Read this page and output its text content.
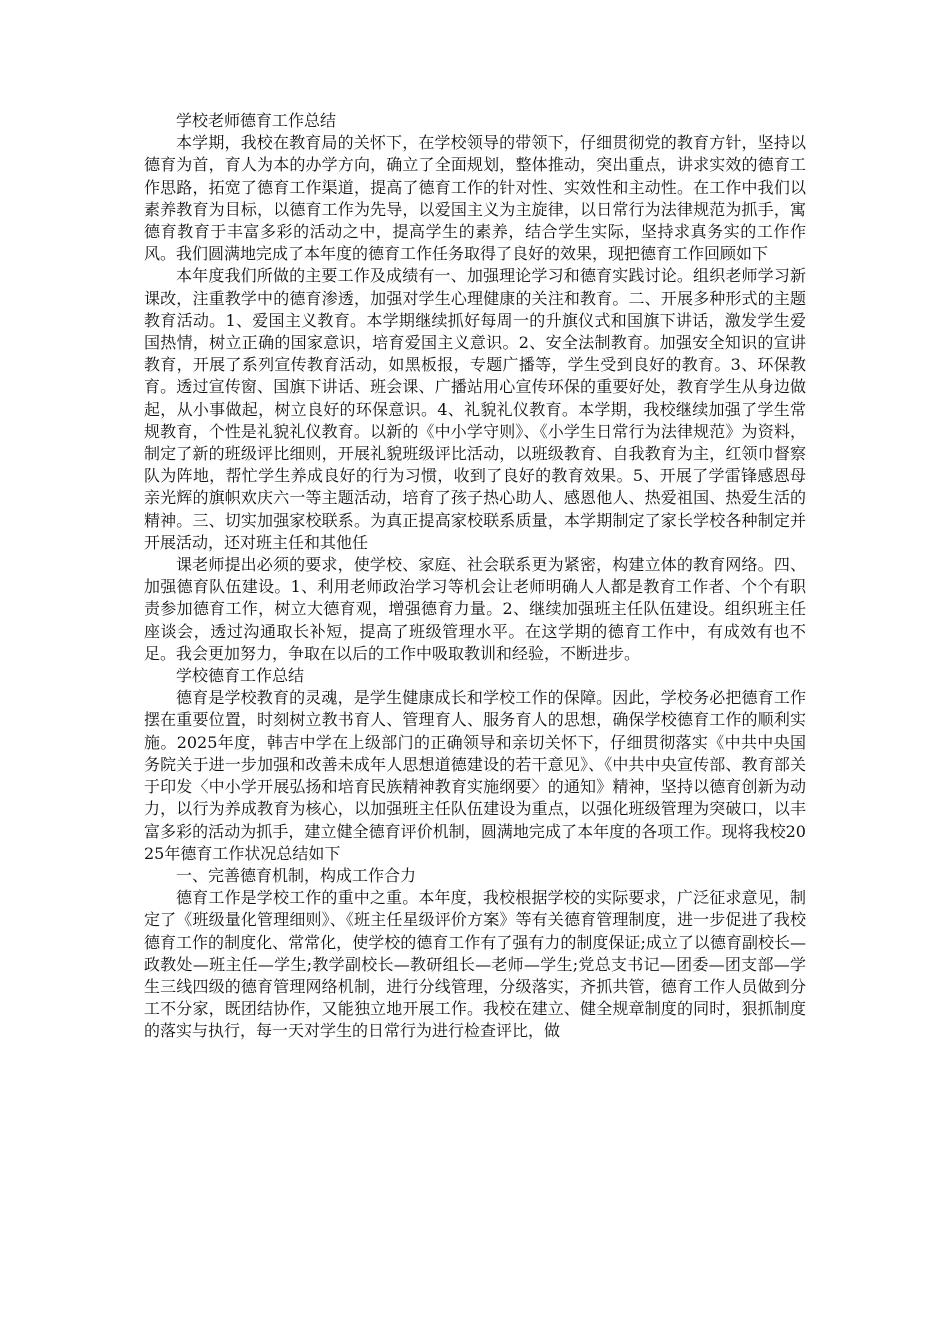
学校老师德育工作总结

本学期，我校在教育局的关怀下，在学校领导的带领下，仔细贯彻党的教育方针，坚持以德育为首，育人为本的办学方向，确立了全面规划，整体推动，突出重点，讲求实效的德育工作思路，拓宽了德育工作渠道，提高了德育工作的针对性、实效性和主动性。在工作中我们以素养教育为目标，以德育工作为先导，以爱国主义为主旋律，以日常行为法律规范为抓手，寓德育教育于丰富多彩的活动之中，提高学生的素养，结合学生实际，坚持求真务实的工作作风。我们圆满地完成了本年度的德育工作任务取得了良好的效果，现把德育工作回顾如下

本年度我们所做的主要工作及成绩有一、加强理论学习和德育实践讨论。组织老师学习新课改，注重教学中的德育渗透，加强对学生心理健康的关注和教育。二、开展多种形式的主题教育活动。1、爱国主义教育。本学期继续抓好每周一的升旗仪式和国旗下讲话，激发学生爱国热情，树立正确的国家意识，培育爱国主义意识。2、安全法制教育。加强安全知识的宣讲教育，开展了系列宣传教育活动，如黑板报，专题广播等，学生受到良好的教育。3、环保教育。透过宣传窗、国旗下讲话、班会课、广播站用心宣传环保的重要好处，教育学生从身边做起，从小事做起，树立良好的环保意识。4、礼貌礼仪教育。本学期，我校继续加强了学生常规教育，个性是礼貌礼仪教育。以新的《中小学守则》、《小学生日常行为法律规范》为资料，制定了新的班级评比细则，开展礼貌班级评比活动，以班级教育、自我教育为主，红领巾督察队为阵地，帮忙学生养成良好的行为习惯，收到了良好的教育效果。5、开展了学雷锋感恩母亲光辉的旗帜欢庆六一等主题活动，培育了孩子热心助人、感恩他人、热爱祖国、热爱生活的精神。三、切实加强家校联系。为真正提高家校联系质量，本学期制定了家长学校各种制定并开展活动，还对班主任和其他任

课老师提出必须的要求，使学校、家庭、社会联系更为紧密，构建立体的教育网络。四、加强德育队伍建设。1、利用老师政治学习等机会让老师明确人人都是教育工作者、个个有职责参加德育工作，树立大德育观，增强德育力量。2、继续加强班主任队伍建设。组织班主任座谈会，透过沟通取长补短，提高了班级管理水平。在这学期的德育工作中，有成效有也不足。我会更加努力，争取在以后的工作中吸取教训和经验，不断进步。

学校德育工作总结

德育是学校教育的灵魂，是学生健康成长和学校工作的保障。因此，学校务必把德育工作摆在重要位置，时刻树立教书育人、管理育人、服务育人的思想，确保学校德育工作的顺利实施。2025年度，韩吉中学在上级部门的正确领导和亲切关怀下，仔细贯彻落实《中共中央国务院关于进一步加强和改善未成年人思想道德建设的若干意见》、《中共中央宣传部、教育部关于印发〈中小学开展弘扬和培育民族精神教育实施纲要〉的通知》精神，坚持以德育创新为动力，以行为养成教育为核心，以加强班主任队伍建设为重点，以强化班级管理为突破口，以丰富多彩的活动为抓手，建立健全德育评价机制，圆满地完成了本年度的各项工作。现将我校2025年德育工作状况总结如下

一、完善德育机制，构成工作合力

德育工作是学校工作的重中之重。本年度，我校根据学校的实际要求，广泛征求意见，制定了《班级量化管理细则》、《班主任星级评价方案》等有关德育管理制度，进一步促进了我校德育工作的制度化、常常化，使学校的德育工作有了强有力的制度保证;成立了以德育副校长—政教处—班主任—学生;教学副校长—教研组长—老师—学生;党总支书记—团委—团支部—学生三线四级的德育管理网络机制，进行分线管理，分级落实，齐抓共管，德育工作人员做到分工不分家，既团结协作，又能独立地开展工作。我校在建立、健全规章制度的同时，狠抓制度的落实与执行，每一天对学生的日常行为进行检查评比，做
